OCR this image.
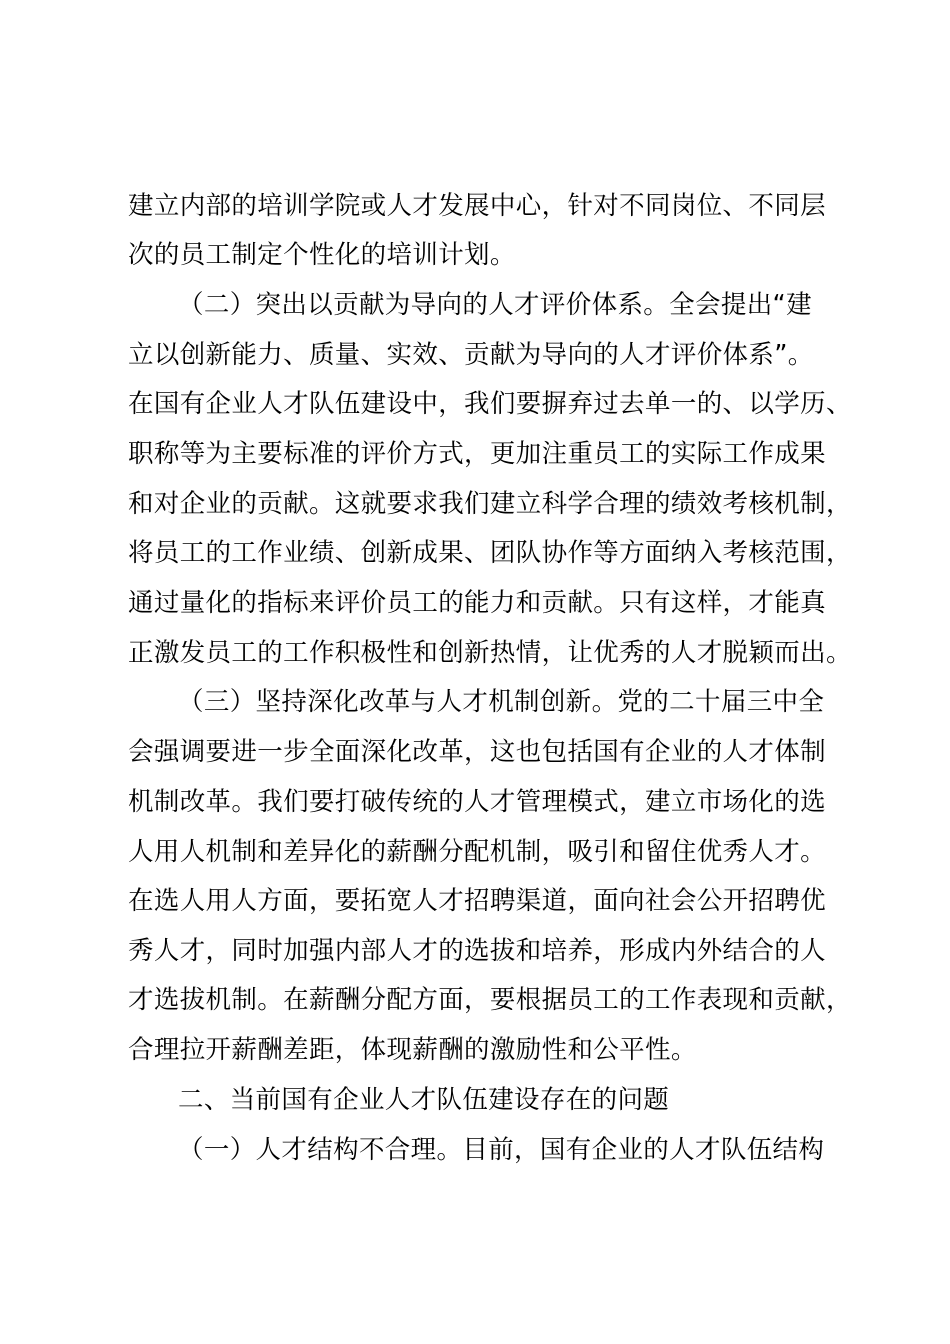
建立内部的培训学院或人才发展中心，针对不同岗位、不同层
次的员工制定个性化的培训计划。
（二）突出以贡献为导向的人才评价体系。全会提出“建
立以创新能力、质量、实效、贡献为导向的人才评价体系”。
在国有企业人才队伍建设中，我们要摒弃过去单一的、以学历、
职称等为主要标准的评价方式，更加注重员工的实际工作成果
和对企业的贡献。这就要求我们建立科学合理的绩效考核机制，
将员工的工作业绩、创新成果、团队协作等方面纳入考核范围，
通过量化的指标来评价员工的能力和贡献。只有这样，才能真
正激发员工的工作积极性和创新热情，让优秀的人才脱颖而出。
（三）坚持深化改革与人才机制创新。党的二十届三中全
会强调要进一步全面深化改革，这也包括国有企业的人才体制
机制改革。我们要打破传统的人才管理模式，建立市场化的选
人用人机制和差异化的薪酬分配机制，吸引和留住优秀人才。
在选人用人方面，要拓宽人才招聘渠道，面向社会公开招聘优
秀人才，同时加强内部人才的选拔和培养，形成内外结合的人
才选拔机制。在薪酬分配方面，要根据员工的工作表现和贡献，
合理拉开薪酬差距，体现薪酬的激励性和公平性。
二、当前国有企业人才队伍建设存在的问题
（一）人才结构不合理。目前，国有企业的人才队伍结构
